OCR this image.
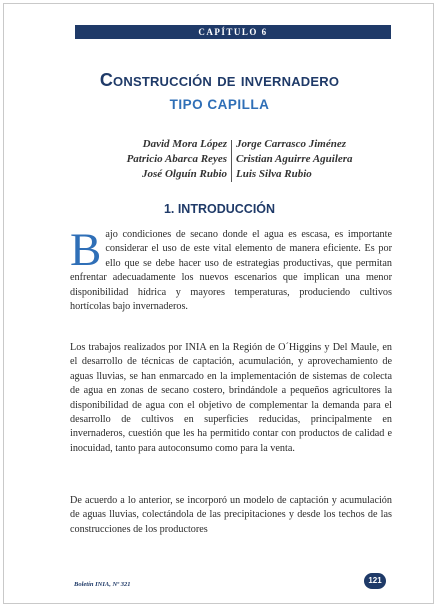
CAPÍTULO 6
Construcción de invernadero
TIPO CAPILLA
David Mora López
Patricio Abarca Reyes
José Olguín Rubio
Jorge Carrasco Jiménez
Cristian Aguirre Aguilera
Luis Silva Rubio
1. INTRODUCCIÓN

Bajo condiciones de secano donde el agua es escasa, es importante considerar el uso de este vital elemento de manera eficiente. Es por ello que se debe hacer uso de estrategias productivas, que permitan enfrentar adecuadamente los nuevos escenarios que implican una menor disponibilidad hídrica y mayores temperaturas, produciendo cultivos hortícolas bajo invernaderos.

Los trabajos realizados por INIA en la Región de O´Higgins y Del Maule, en el desarrollo de técnicas de captación, acumulación, y aprovechamiento de aguas lluvias, se han enmarcado en la implementación de sistemas de colecta de agua en zonas de secano costero, brindándole a pequeños agricultores la disponibilidad de agua con el objetivo de complementar la demanda para el desarrollo de cultivos en superficies reducidas, principalmente en invernaderos, cuestión que les ha permitido contar con productos de calidad e inocuidad, tanto para autoconsumo como para la venta.

De acuerdo a lo anterior, se incorporó un modelo de captación y acumulación de aguas lluvias, colectándola de las precipitaciones y desde los techos de las construcciones de los productores

Boletín INIA, Nº 321	121
